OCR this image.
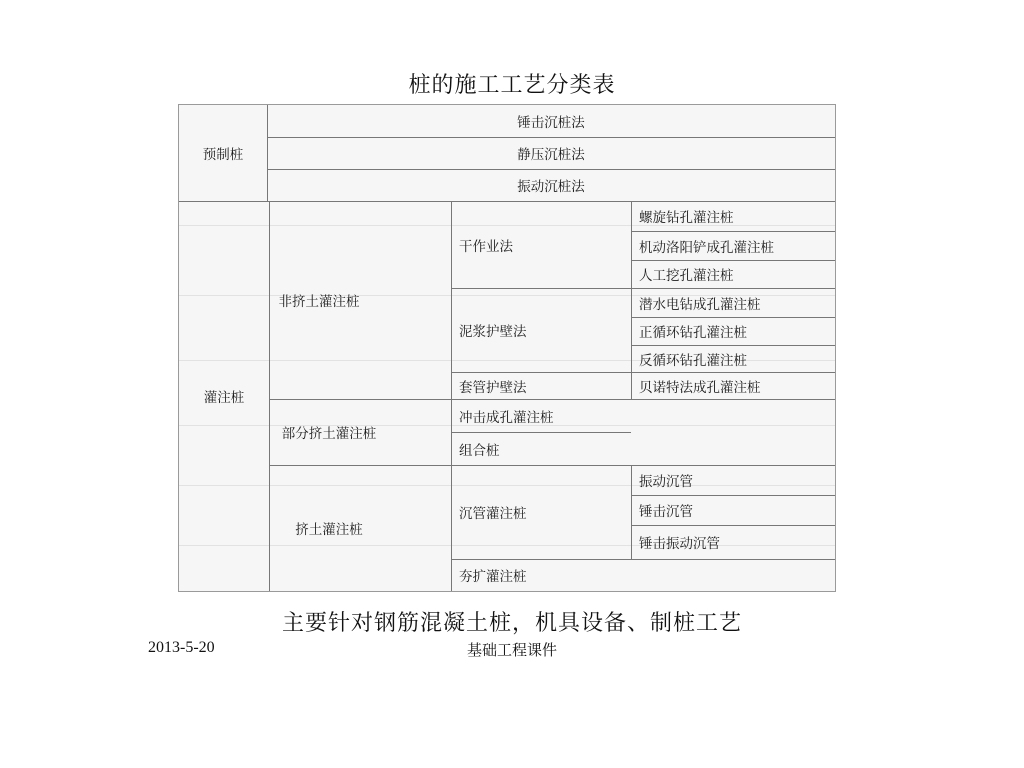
桩的施工工艺分类表
预制桩
锤击沉桩法
静压沉桩法
振动沉桩法
灌注桩
非挤土灌注桩
部分挤土灌注桩
挤土灌注桩
干作业法
泥浆护壁法
套管护壁法
冲击成孔灌注桩
组合桩
沉管灌注桩
夯扩灌注桩
螺旋钻孔灌注桩
机动洛阳铲成孔灌注桩
人工挖孔灌注桩
潜水电钻成孔灌注桩
正循环钻孔灌注桩
反循环钻孔灌注桩
贝诺特法成孔灌注桩
振动沉管
锤击沉管
锤击振动沉管
主要针对钢筋混凝土桩，机具设备、制桩工艺
2013-5-20	基础工程课件
